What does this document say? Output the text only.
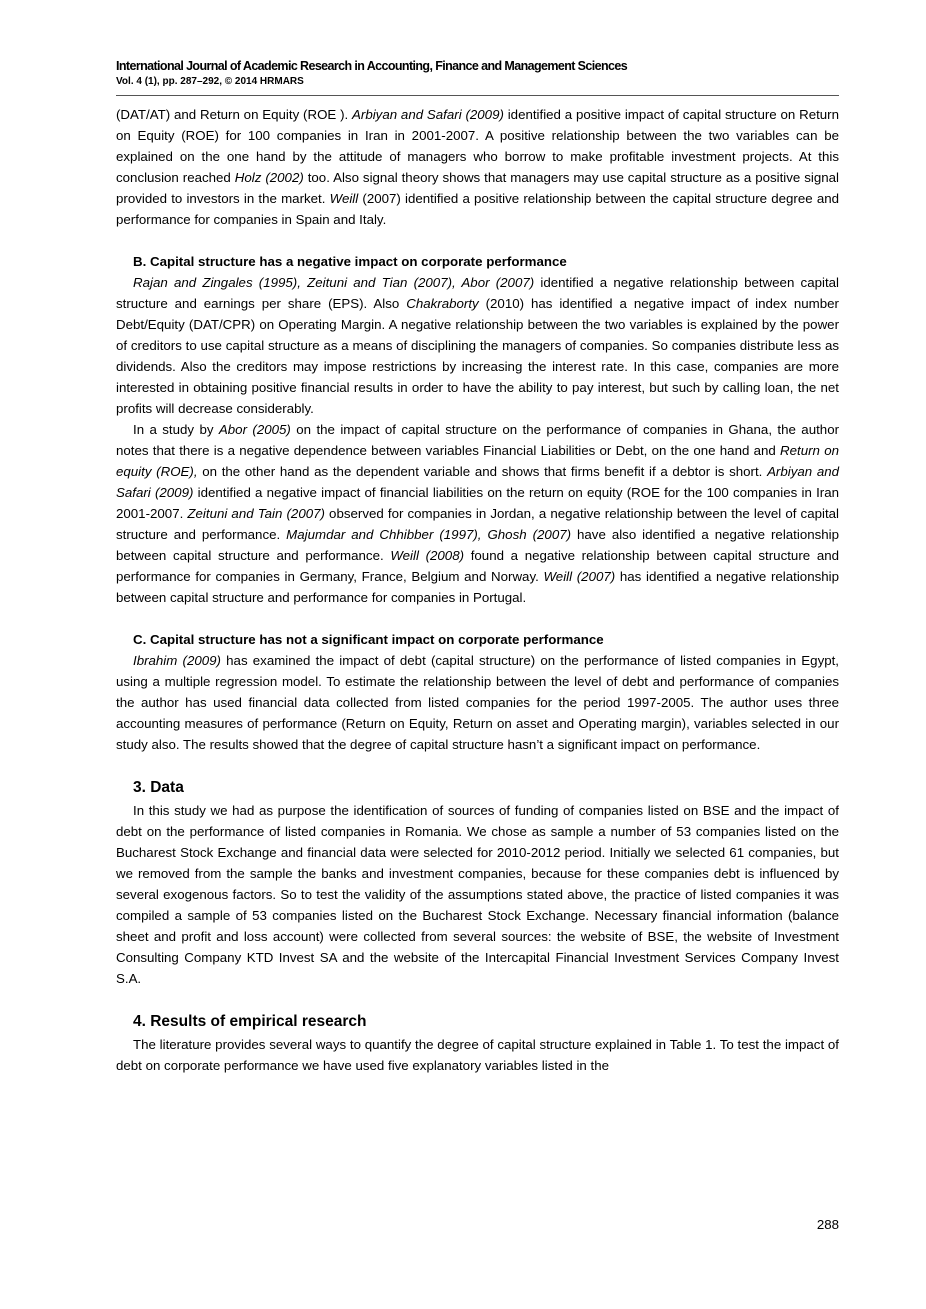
International Journal of Academic Research in Accounting, Finance and Management Sciences
Vol. 4 (1), pp. 287–292, © 2014 HRMARS

(DAT/AT) and Return on Equity (ROE ). Arbiyan and Safari (2009) identified a positive impact of capital structure on Return on Equity (ROE) for 100 companies in Iran in 2001-2007. A positive relationship between the two variables can be explained on the one hand by the attitude of managers who borrow to make profitable investment projects. At this conclusion reached Holz (2002) too. Also signal theory shows that managers may use capital structure as a positive signal provided to investors in the market. Weill (2007) identified a positive relationship between the capital structure degree and performance for companies in Spain and Italy.

B. Capital structure has a negative impact on corporate performance

Rajan and Zingales (1995), Zeituni and Tian (2007), Abor (2007) identified a negative relationship between capital structure and earnings per share (EPS). Also Chakraborty (2010) has identified a negative impact of index number Debt/Equity (DAT/CPR) on Operating Margin. A negative relationship between the two variables is explained by the power of creditors to use capital structure as a means of disciplining the managers of companies. So companies distribute less as dividends. Also the creditors may impose restrictions by increasing the interest rate. In this case, companies are more interested in obtaining positive financial results in order to have the ability to pay interest, but such by calling loan, the net profits will decrease considerably.

In a study by Abor (2005) on the impact of capital structure on the performance of companies in Ghana, the author notes that there is a negative dependence between variables Financial Liabilities or Debt, on the one hand and Return on equity (ROE), on the other hand as the dependent variable and shows that firms benefit if a debtor is short. Arbiyan and Safari (2009) identified a negative impact of financial liabilities on the return on equity (ROE for the 100 companies in Iran 2001-2007. Zeituni and Tain (2007) observed for companies in Jordan, a negative relationship between the level of capital structure and performance. Majumdar and Chhibber (1997), Ghosh (2007) have also identified a negative relationship between capital structure and performance. Weill (2008) found a negative relationship between capital structure and performance for companies in Germany, France, Belgium and Norway. Weill (2007) has identified a negative relationship between capital structure and performance for companies in Portugal.

C. Capital structure has not a significant impact on corporate performance

Ibrahim (2009) has examined the impact of debt (capital structure) on the performance of listed companies in Egypt, using a multiple regression model. To estimate the relationship between the level of debt and performance of companies the author has used financial data collected from listed companies for the period 1997-2005. The author uses three accounting measures of performance (Return on Equity, Return on asset and Operating margin), variables selected in our study also. The results showed that the degree of capital structure hasn’t a significant impact on performance.

3. Data

In this study we had as purpose the identification of sources of funding of companies listed on BSE and the impact of debt on the performance of listed companies in Romania. We chose as sample a number of 53 companies listed on the Bucharest Stock Exchange and financial data were selected for 2010-2012 period. Initially we selected 61 companies, but we removed from the sample the banks and investment companies, because for these companies debt is influenced by several exogenous factors. So to test the validity of the assumptions stated above, the practice of listed companies it was compiled a sample of 53 companies listed on the Bucharest Stock Exchange. Necessary financial information (balance sheet and profit and loss account) were collected from several sources: the website of BSE, the website of Investment Consulting Company KTD Invest SA and the website of the Intercapital Financial Investment Services Company Invest S.A.

4. Results of empirical research

The literature provides several ways to quantify the degree of capital structure explained in Table 1. To test the impact of debt on corporate performance we have used five explanatory variables listed in the

288
